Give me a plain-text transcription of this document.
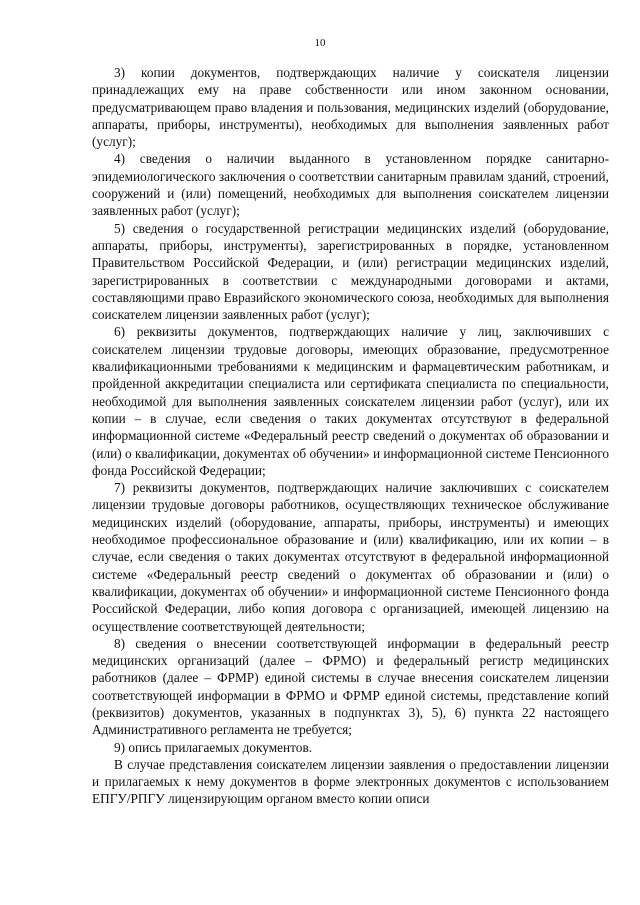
10

3) копии документов, подтверждающих наличие у соискателя лицензии принадлежащих ему на праве собственности или ином законном основании, предусматривающем право владения и пользования, медицинских изделий (оборудование, аппараты, приборы, инструменты), необходимых для выполнения заявленных работ (услуг);

4) сведения о наличии выданного в установленном порядке санитарно-эпидемиологического заключения о соответствии санитарным правилам зданий, строений, сооружений и (или) помещений, необходимых для выполнения соискателем лицензии заявленных работ (услуг);

5) сведения о государственной регистрации медицинских изделий (оборудование, аппараты, приборы, инструменты), зарегистрированных в порядке, установленном Правительством Российской Федерации, и (или) регистрации медицинских изделий, зарегистрированных в соответствии с международными договорами и актами, составляющими право Евразийского экономического союза, необходимых для выполнения соискателем лицензии заявленных работ (услуг);

6) реквизиты документов, подтверждающих наличие у лиц, заключивших с соискателем лицензии трудовые договоры, имеющих образование, предусмотренное квалификационными требованиями к медицинским и фармацевтическим работникам, и пройденной аккредитации специалиста или сертификата специалиста по специальности, необходимой для выполнения заявленных соискателем лицензии работ (услуг), или их копии – в случае, если сведения о таких документах отсутствуют в федеральной информационной системе «Федеральный реестр сведений о документах об образовании и (или) о квалификации, документах об обучении» и информационной системе Пенсионного фонда Российской Федерации;

7) реквизиты документов, подтверждающих наличие заключивших с соискателем лицензии трудовые договоры работников, осуществляющих техническое обслуживание медицинских изделий (оборудование, аппараты, приборы, инструменты) и имеющих необходимое профессиональное образование и (или) квалификацию, или их копии – в случае, если сведения о таких документах отсутствуют в федеральной информационной системе «Федеральный реестр сведений о документах об образовании и (или) о квалификации, документах об обучении» и информационной системе Пенсионного фонда Российской Федерации, либо копия договора с организацией, имеющей лицензию на осуществление соответствующей деятельности;

8) сведения о внесении соответствующей информации в федеральный реестр медицинских организаций (далее – ФРМО) и федеральный регистр медицинских работников (далее – ФРМР) единой системы в случае внесения соискателем лицензии соответствующей информации в ФРМО и ФРМР единой системы, представление копий (реквизитов) документов, указанных в подпунктах 3), 5), 6) пункта 22 настоящего Административного регламента не требуется;

9) опись прилагаемых документов.

В случае представления соискателем лицензии заявления о предоставлении лицензии и прилагаемых к нему документов в форме электронных документов с использованием ЕПГУ/РПГУ лицензирующим органом вместо копии описи
